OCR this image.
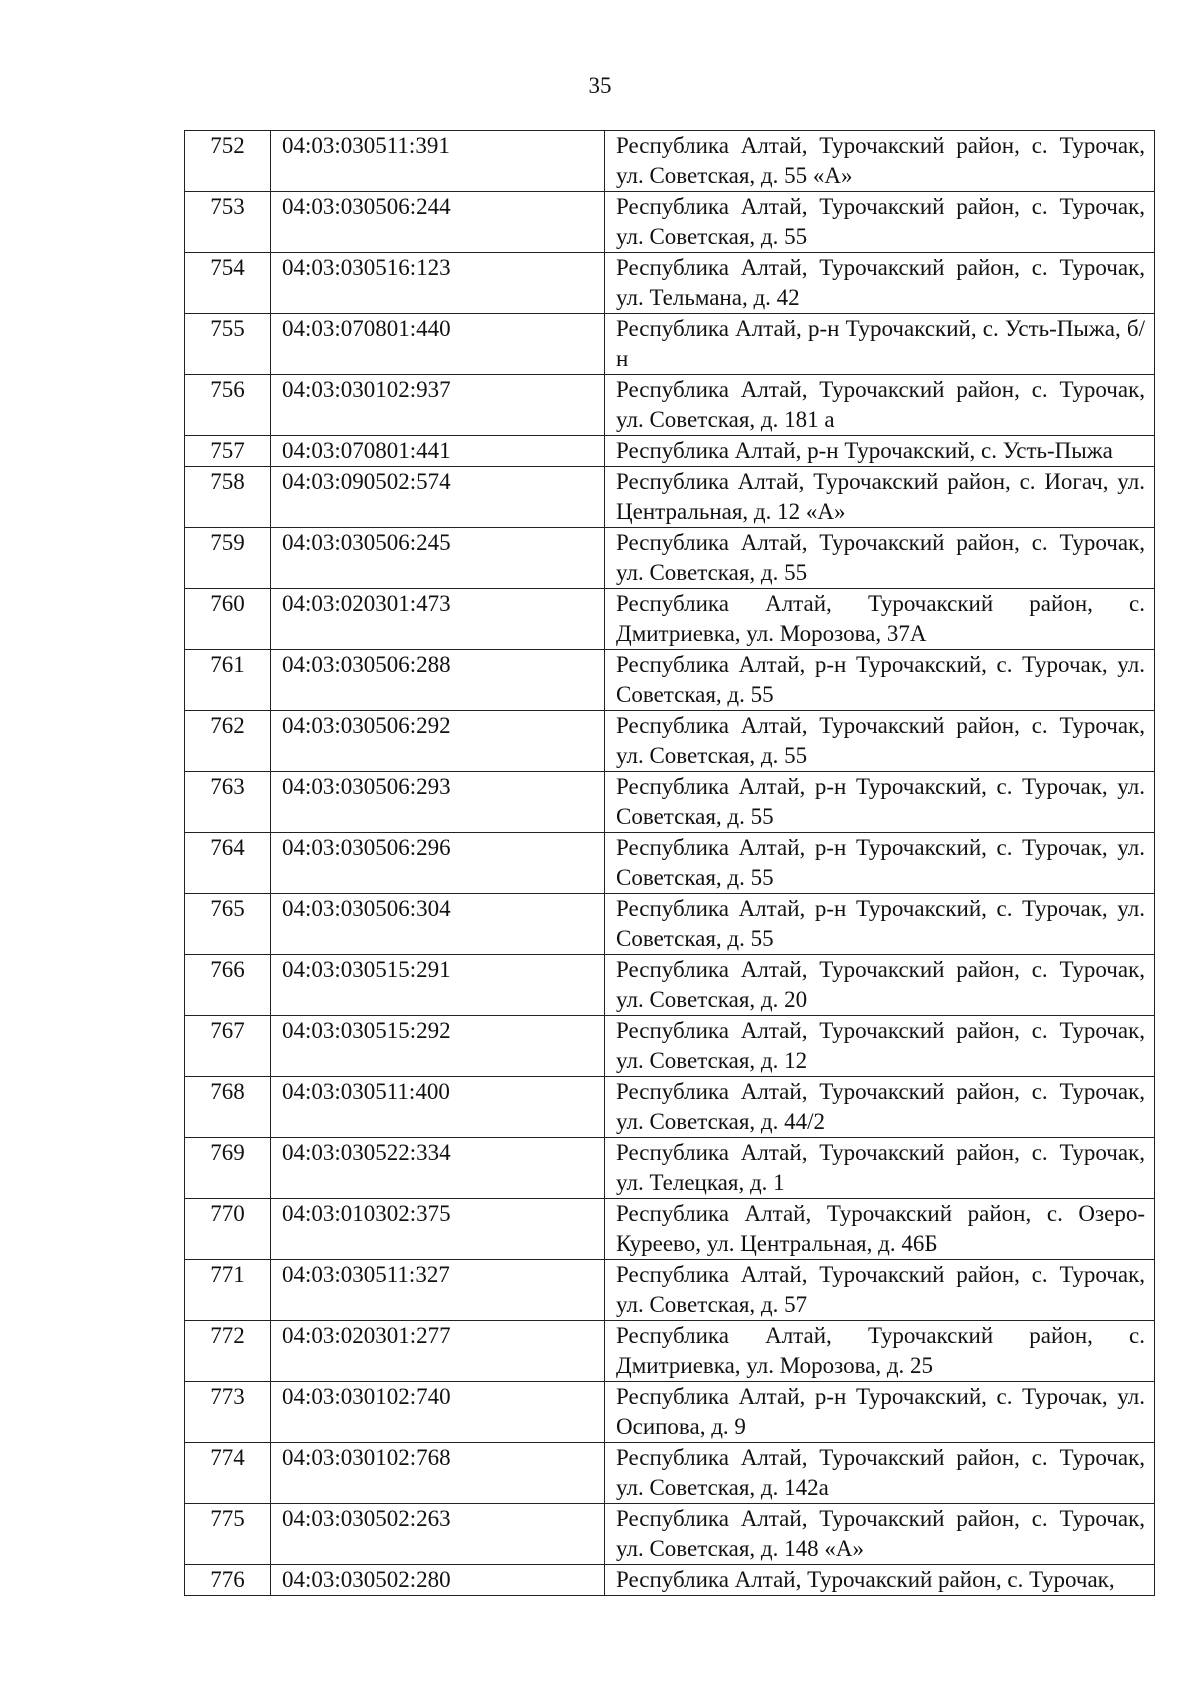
35
752	04:03:030511:391	Республика Алтай, Турочакский район, с. Турочак, ул. Советская, д. 55 «А»
753	04:03:030506:244	Республика Алтай, Турочакский район, с. Турочак, ул. Советская, д. 55
754	04:03:030516:123	Республика Алтай, Турочакский район, с. Турочак, ул. Тельмана, д. 42
755	04:03:070801:440	Республика Алтай, р-н Турочакский, с. Усть-Пыжа, б/н
756	04:03:030102:937	Республика Алтай, Турочакский район, с. Турочак, ул. Советская, д. 181 а
757	04:03:070801:441	Республика Алтай, р-н Турочакский, с. Усть-Пыжа
758	04:03:090502:574	Республика Алтай, Турочакский район, с. Иогач, ул. Центральная, д. 12 «А»
759	04:03:030506:245	Республика Алтай, Турочакский район, с. Турочак, ул. Советская, д. 55
760	04:03:020301:473	Республика Алтай, Турочакский район, с. Дмитриевка, ул. Морозова, 37А
761	04:03:030506:288	Республика Алтай, р-н Турочакский, с. Турочак, ул. Советская, д. 55
762	04:03:030506:292	Республика Алтай, Турочакский район, с. Турочак, ул. Советская, д. 55
763	04:03:030506:293	Республика Алтай, р-н Турочакский, с. Турочак, ул. Советская, д. 55
764	04:03:030506:296	Республика Алтай, р-н Турочакский, с. Турочак, ул. Советская, д. 55
765	04:03:030506:304	Республика Алтай, р-н Турочакский, с. Турочак, ул. Советская, д. 55
766	04:03:030515:291	Республика Алтай, Турочакский район, с. Турочак, ул. Советская, д. 20
767	04:03:030515:292	Республика Алтай, Турочакский район, с. Турочак, ул. Советская, д. 12
768	04:03:030511:400	Республика Алтай, Турочакский район, с. Турочак, ул. Советская, д. 44/2
769	04:03:030522:334	Республика Алтай, Турочакский район, с. Турочак, ул. Телецкая, д. 1
770	04:03:010302:375	Республика Алтай, Турочакский район, с. Озеро-Куреево, ул. Центральная, д. 46Б
771	04:03:030511:327	Республика Алтай, Турочакский район, с. Турочак, ул. Советская, д. 57
772	04:03:020301:277	Республика Алтай, Турочакский район, с. Дмитриевка, ул. Морозова, д. 25
773	04:03:030102:740	Республика Алтай, р-н Турочакский, с. Турочак, ул. Осипова, д. 9
774	04:03:030102:768	Республика Алтай, Турочакский район, с. Турочак, ул. Советская, д. 142а
775	04:03:030502:263	Республика Алтай, Турочакский район, с. Турочак, ул. Советская, д. 148 «А»
776	04:03:030502:280	Республика Алтай, Турочакский район, с. Турочак,
